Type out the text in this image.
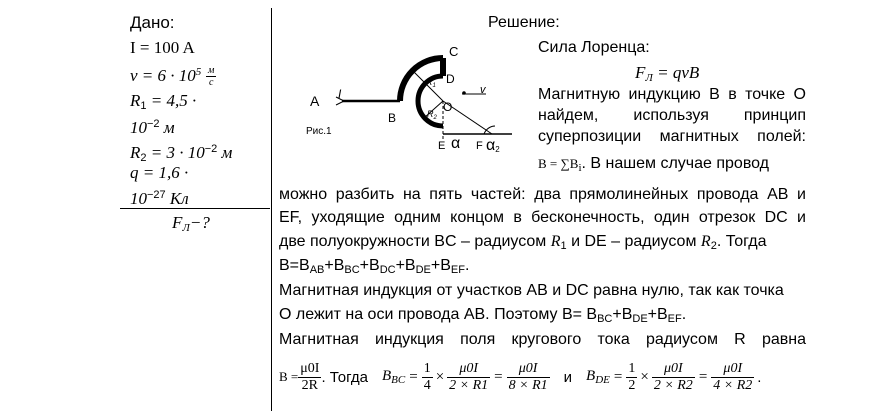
Дано:
I = 100 A
$v = 6 \cdot 10^5 \frac{м}{с}$
$R_1 = 4,5$ ·
$10^{-2}$ м
$R_2 = 3 \cdot 10^{-2}$ м
q = 1,6 ·
$10^{-27}$ Кл
$F_Л-$?
A I
B
C
D
O
$R_1$
$R_2$
E α F α2
v
Рис.1
Решение:
Сила Лоренца:
$F_Л$ = qvB
Магнитную индукцию B в точке O
найдем, используя принцип
суперпозиции магнитных полей:
$B = \sum B_i$. В нашем случае провод
можно разбить на пять частей: два прямолинейных провода AB и
EF, уходящие одним концом в бесконечность, один отрезок DC и
две полуокружности BC – радиусом $R_1$ и DE – радиусом $R_2$. Тогда
$B=B_{AB}+B_{BC}+B_{DC}+B_{DE}+B_{EF}$.
Магнитная индукция от участков AB и DC равна нулю, так как точка
O лежит на оси провода AB. Поэтому $B= B_{BC}+B_{DE}+B_{EF}$.
Магнитная индукция поля кругового тока радиусом R равна
$B = \frac{\mu 0I}{2R}$ . Тогда $B_{BC} = \frac{1}{4} \times \frac{\mu 0I}{2 \times R1} = \frac{\mu 0I}{8 \times R1}$ и $B_{DE} = \frac{1}{2} \times \frac{\mu 0I}{2 \times R2} = \frac{\mu 0I}{4 \times R2}$ .
